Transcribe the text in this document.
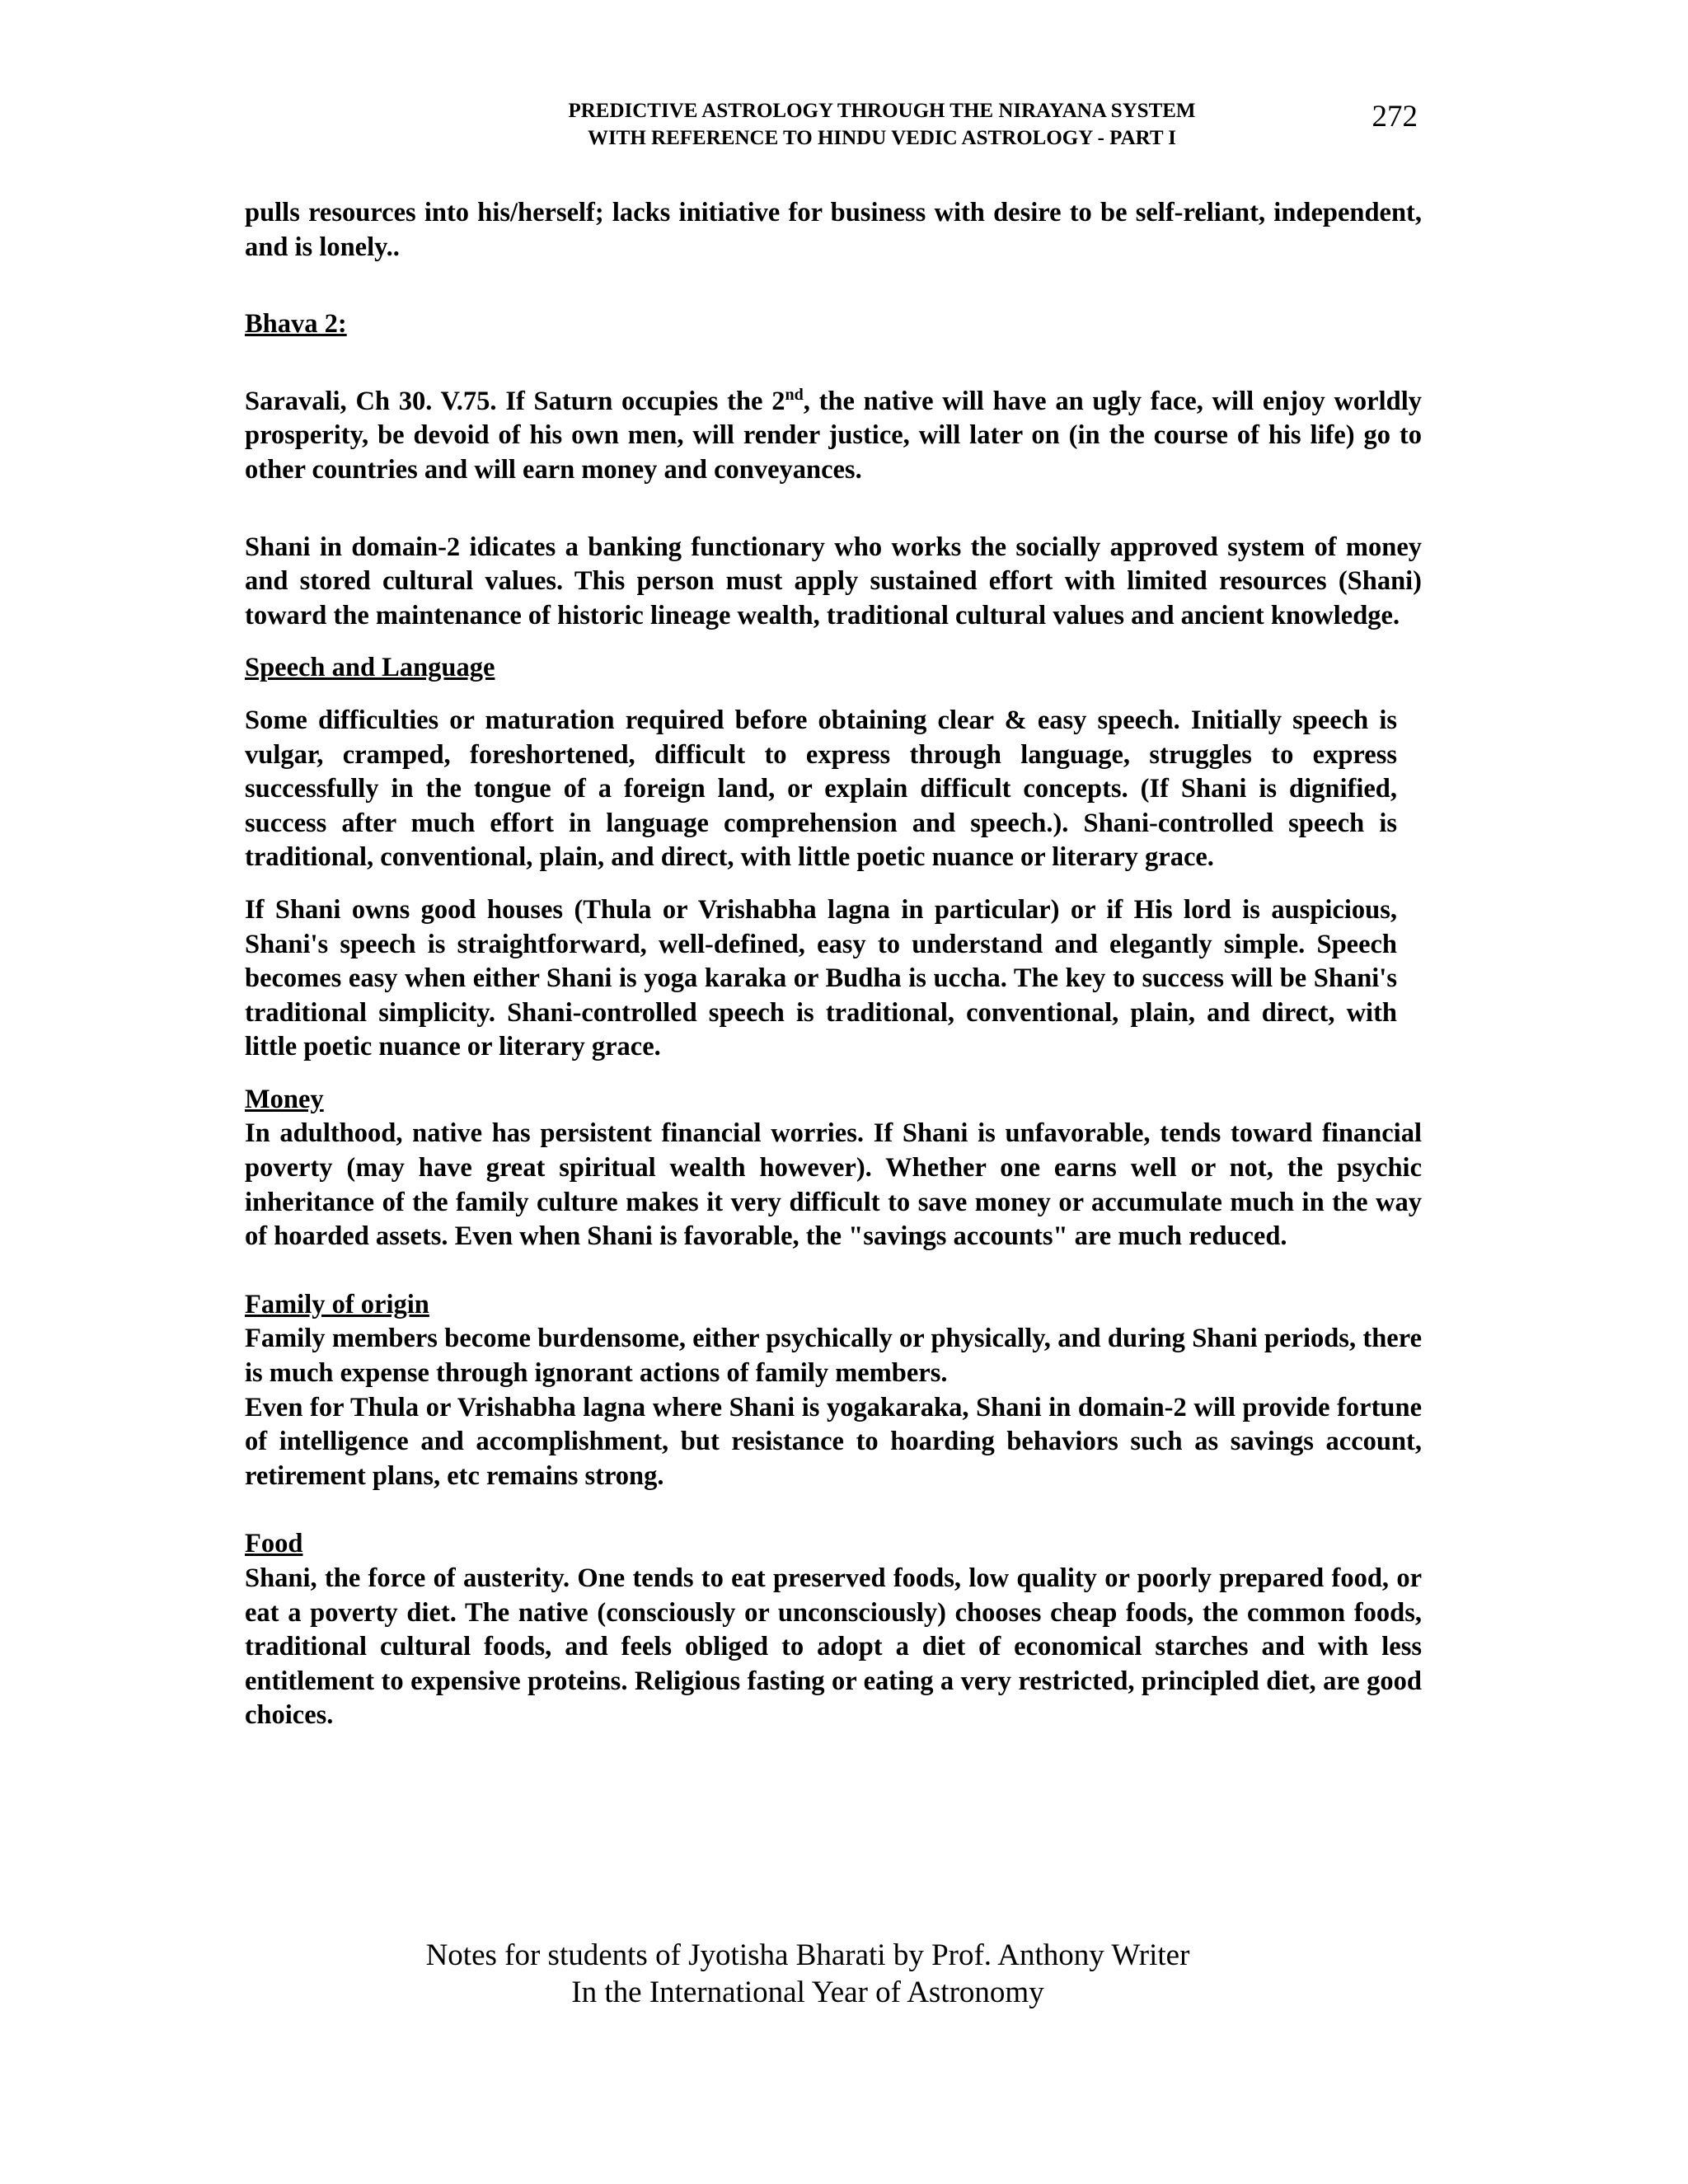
PREDICTIVE ASTROLOGY THROUGH THE NIRAYANA SYSTEM
WITH REFERENCE TO HINDU VEDIC ASTROLOGY - PART I
272

pulls resources into his/herself; lacks initiative for business with desire to be self-reliant, independent, and is lonely..

Bhava 2:

Saravali, Ch 30. V.75. If Saturn occupies the 2nd, the native will have an ugly face, will enjoy worldly prosperity, be devoid of his own men, will render justice, will later on (in the course of his life) go to other countries and will earn money and conveyances.

Shani in domain-2 idicates a banking functionary who works the socially approved system of money and stored cultural values. This person must apply sustained effort with limited resources (Shani) toward the maintenance of historic lineage wealth, traditional cultural values and ancient knowledge.

Speech and Language

Some difficulties or maturation required before obtaining clear & easy speech. Initially speech is vulgar, cramped, foreshortened, difficult to express through language, struggles to express successfully in the tongue of a foreign land, or explain difficult concepts. (If Shani is dignified, success after much effort in language comprehension and speech.). Shani-controlled speech is traditional, conventional, plain, and direct, with little poetic nuance or literary grace.

If Shani owns good houses (Thula or Vrishabha lagna in particular) or if His lord is auspicious, Shani's speech is straightforward, well-defined, easy to understand and elegantly simple. Speech becomes easy when either Shani is yoga karaka or Budha is uccha. The key to success will be Shani's traditional simplicity. Shani-controlled speech is traditional, conventional, plain, and direct, with little poetic nuance or literary grace.

Money

In adulthood, native has persistent financial worries. If Shani is unfavorable, tends toward financial poverty (may have great spiritual wealth however). Whether one earns well or not, the psychic inheritance of the family culture makes it very difficult to save money or accumulate much in the way of hoarded assets. Even when Shani is favorable, the "savings accounts" are much reduced.

Family of origin

Family members become burdensome, either psychically or physically, and during Shani periods, there is much expense through ignorant actions of family members.

Even for Thula or Vrishabha lagna where Shani is yogakaraka, Shani in domain-2 will provide fortune of intelligence and accomplishment, but resistance to hoarding behaviors such as savings account, retirement plans, etc remains strong.

Food

Shani, the force of austerity. One tends to eat preserved foods, low quality or poorly prepared food, or eat a poverty diet. The native (consciously or unconsciously) chooses cheap foods, the common foods, traditional cultural foods, and feels obliged to adopt a diet of economical starches and with less entitlement to expensive proteins. Religious fasting or eating a very restricted, principled diet, are good choices.

Notes for students of Jyotisha Bharati by Prof. Anthony Writer
In the International Year of Astronomy
